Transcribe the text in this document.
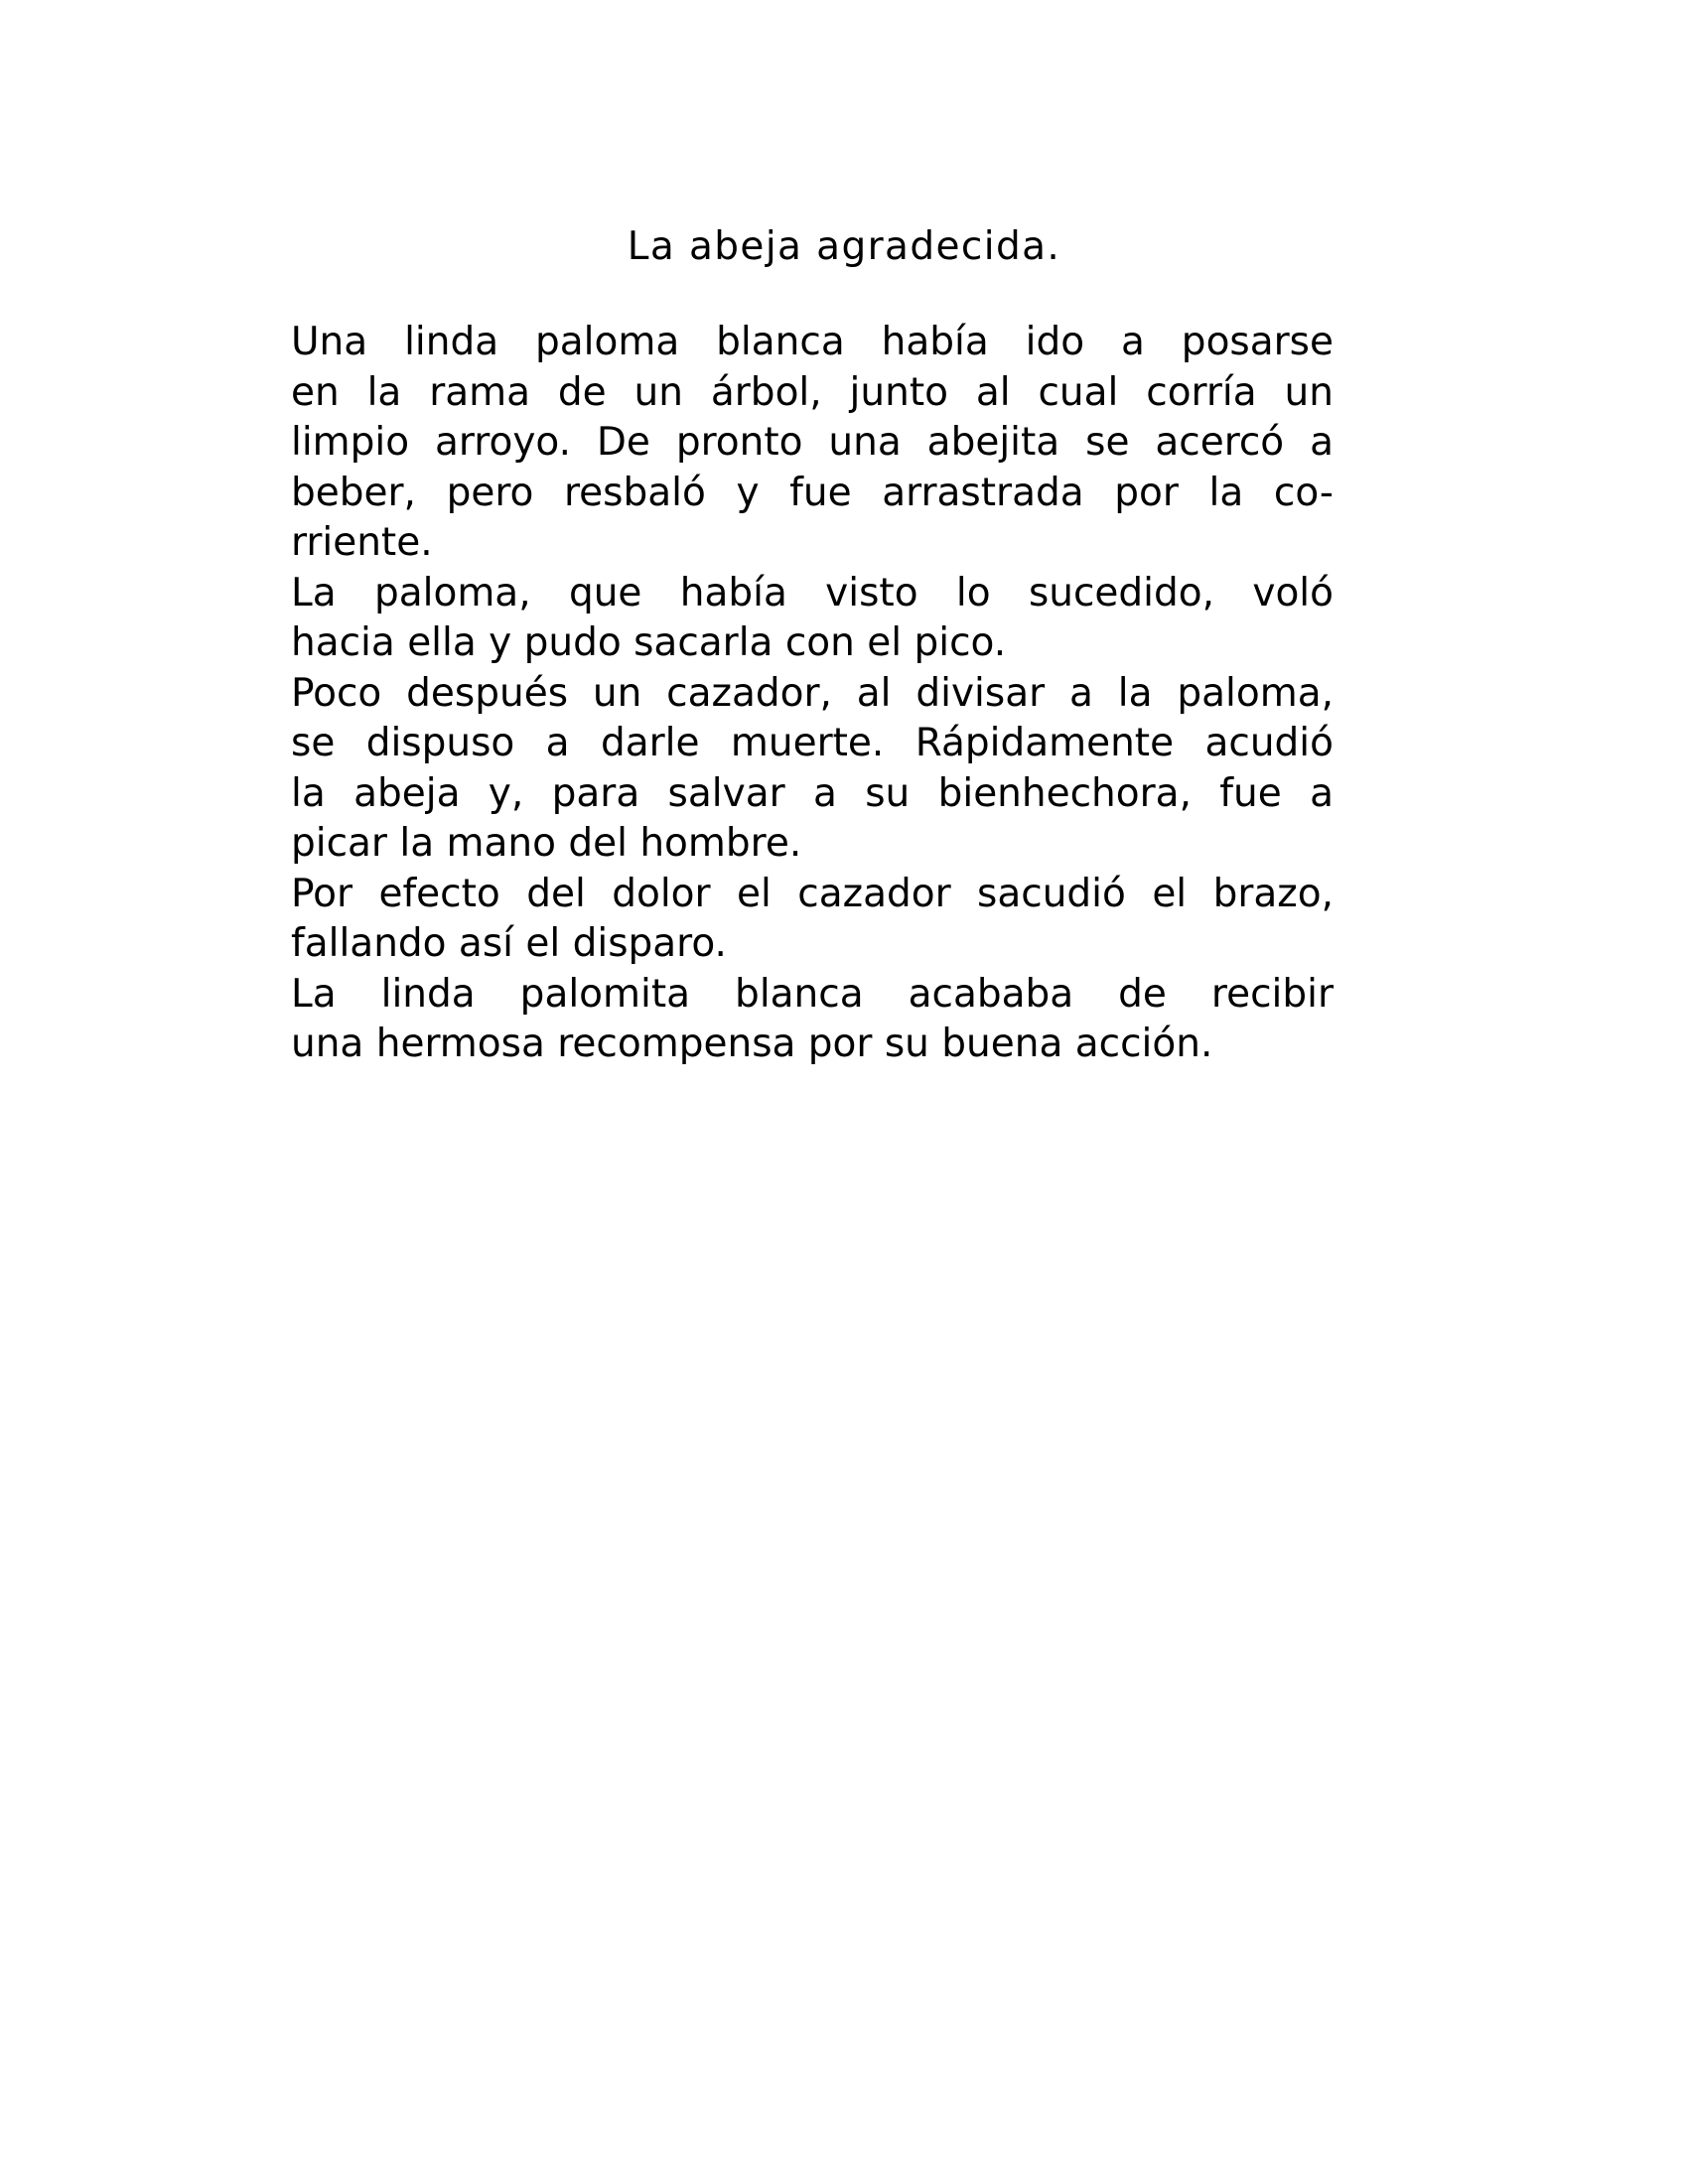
La abeja agradecida.
Una linda paloma blanca había ido a posarse
en la rama de un árbol, junto al cual corría un
limpio arroyo. De pronto una abejita se acercó a
beber, pero resbaló y fue arrastrada por la co-
rriente.
La paloma, que había visto lo sucedido, voló
hacia ella y pudo sacarla con el pico.
Poco después un cazador, al divisar a la paloma,
se dispuso a darle muerte. Rápidamente acudió
la abeja y, para salvar a su bienhechora, fue a
picar la mano del hombre.
Por efecto del dolor el cazador sacudió el brazo,
fallando así el disparo.
La linda palomita blanca acababa de recibir
una hermosa recompensa por su buena acción.
